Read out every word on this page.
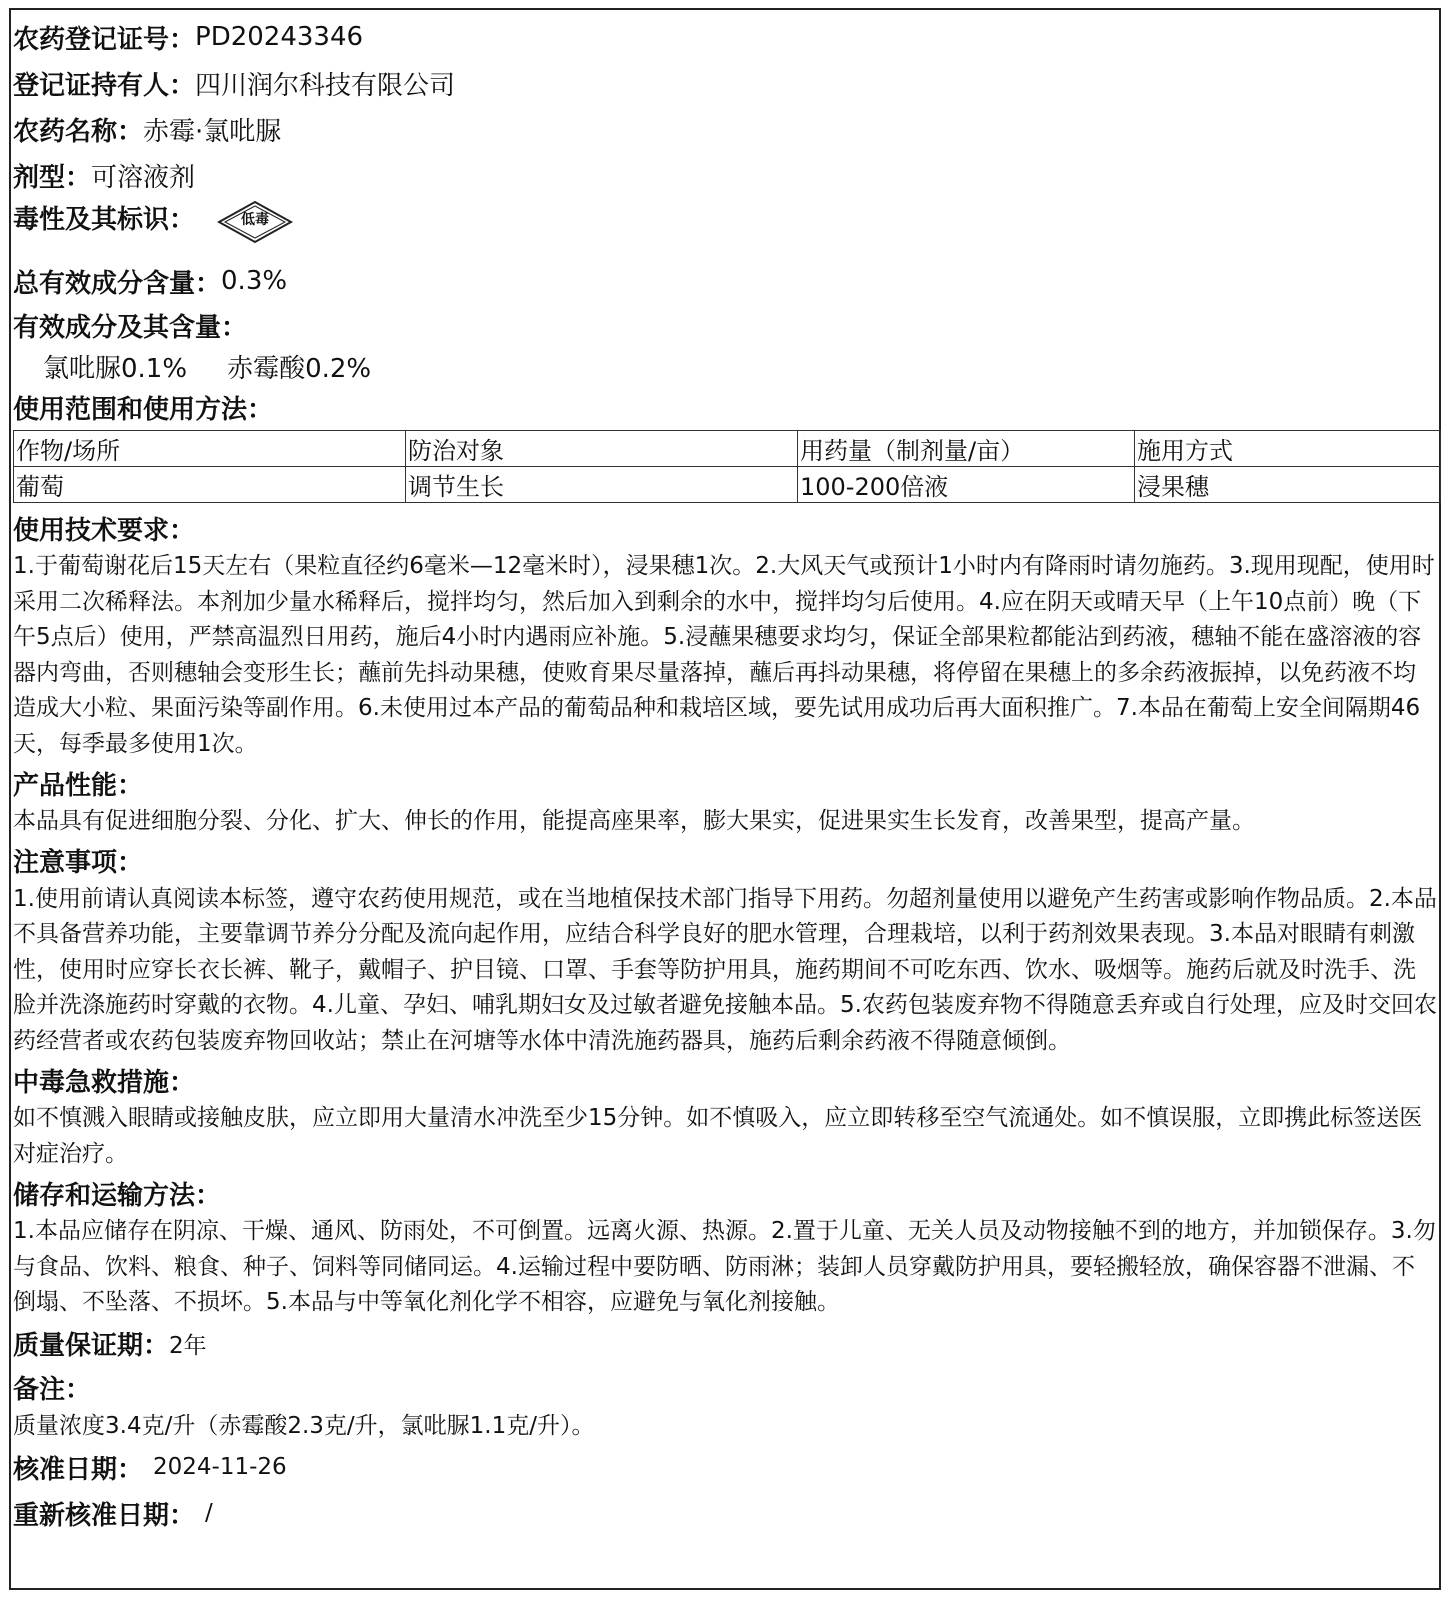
农药登记证号： PD20243346
登记证持有人： 四川润尔科技有限公司
农药名称： 赤霉·氯吡脲
剂型： 可溶液剂
毒性及其标识：	低毒
总有效成分含量： 0.3%
有效成分及其含量：
氯吡脲0.1% 赤霉酸0.2%
使用范围和使用方法：
作物/场所	防治对象	用药量（制剂量/亩）	施用方式
葡萄	调节生长	100-200倍液	浸果穗
使用技术要求：

1.于葡萄谢花后15天左右（果粒直径约6毫米—12毫米时），浸果穗1次。2.大风天气或预计1小时内有降雨时请勿施药。3.现用现配，使用时采用二次稀释法。本剂加少量水稀释后，搅拌均匀，然后加入到剩余的水中，搅拌均匀后使用。4.应在阴天或晴天早（上午10点前）晚（下午5点后）使用，严禁高温烈日用药，施后4小时内遇雨应补施。5.浸蘸果穗要求均匀，保证全部果粒都能沾到药液，穗轴不能在盛溶液的容器内弯曲，否则穗轴会变形生长；蘸前先抖动果穗，使败育果尽量落掉，蘸后再抖动果穗，将停留在果穗上的多余药液振掉，以免药液不均造成大小粒、果面污染等副作用。6.未使用过本产品的葡萄品种和栽培区域，要先试用成功后再大面积推广。7.本品在葡萄上安全间隔期46天，每季最多使用1次。

产品性能：

本品具有促进细胞分裂、分化、扩大、伸长的作用，能提高座果率，膨大果实，促进果实生长发育，改善果型，提高产量。

注意事项：

1.使用前请认真阅读本标签，遵守农药使用规范，或在当地植保技术部门指导下用药。勿超剂量使用以避免产生药害或影响作物品质。2.本品不具备营养功能，主要靠调节养分分配及流向起作用，应结合科学良好的肥水管理，合理栽培，以利于药剂效果表现。3.本品对眼睛有刺激性，使用时应穿长衣长裤、靴子，戴帽子、护目镜、口罩、手套等防护用具，施药期间不可吃东西、饮水、吸烟等。施药后就及时洗手、洗脸并洗涤施药时穿戴的衣物。4.儿童、孕妇、哺乳期妇女及过敏者避免接触本品。5.农药包装废弃物不得随意丢弃或自行处理，应及时交回农药经营者或农药包装废弃物回收站；禁止在河塘等水体中清洗施药器具，施药后剩余药液不得随意倾倒。

中毒急救措施：

如不慎溅入眼睛或接触皮肤，应立即用大量清水冲洗至少15分钟。如不慎吸入，应立即转移至空气流通处。如不慎误服，立即携此标签送医对症治疗。

储存和运输方法：

1.本品应储存在阴凉、干燥、通风、防雨处，不可倒置。远离火源、热源。2.置于儿童、无关人员及动物接触不到的地方，并加锁保存。3.勿与食品、饮料、粮食、种子、饲料等同储同运。4.运输过程中要防晒、防雨淋；装卸人员穿戴防护用具，要轻搬轻放，确保容器不泄漏、不倒塌、不坠落、不损坏。5.本品与中等氧化剂化学不相容，应避免与氧化剂接触。

质量保证期： 2年
备注：

质量浓度3.4克/升（赤霉酸2.3克/升，氯吡脲1.1克/升）。

核准日期： 2024-11-26
重新核准日期： /
